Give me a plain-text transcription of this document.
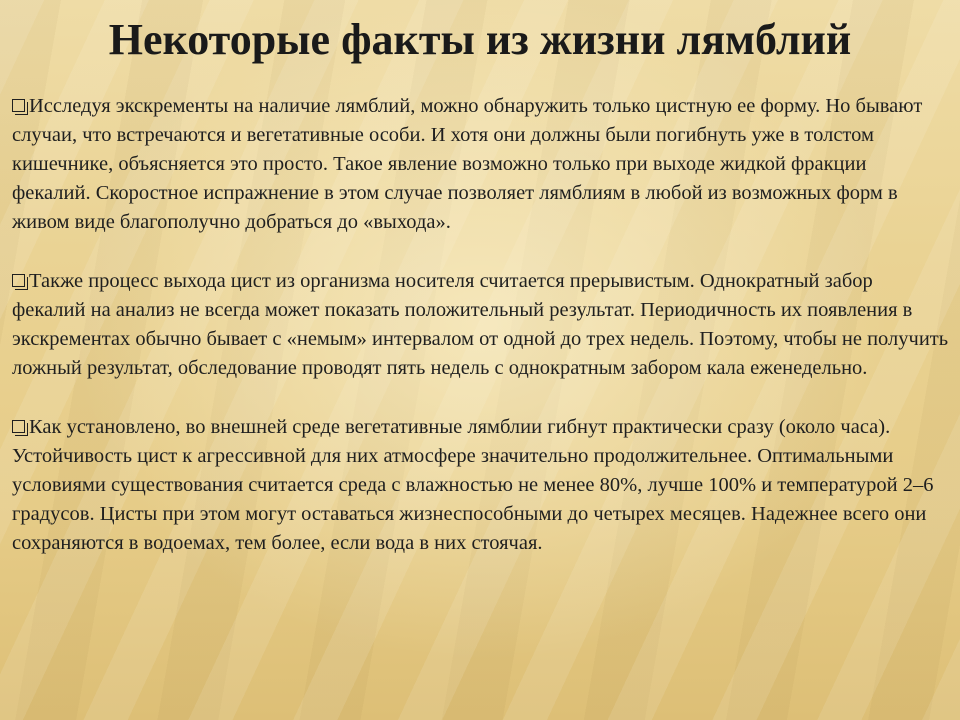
Некоторые факты из жизни лямблий

Исследуя экскременты на наличие лямблий, можно обнаружить только цистную ее форму. Но бывают случаи, что встречаются и вегетативные особи. И хотя они должны были погибнуть уже в толстом кишечнике, объясняется это просто. Такое явление возможно только при выходе жидкой фракции фекалий. Скоростное испражнение в этом случае позволяет лямблиям в любой из возможных форм в живом виде благополучно добраться до «выхода».

Также процесс выхода цист из организма носителя считается прерывистым. Однократный забор фекалий на анализ не всегда может показать положительный результат. Периодичность их появления в экскрементах обычно бывает с «немым» интервалом от одной до трех недель. Поэтому, чтобы не получить ложный результат, обследование проводят пять недель с однократным забором кала еженедельно.

Как установлено, во внешней среде вегетативные лямблии гибнут практически сразу (около часа). Устойчивость цист к агрессивной для них атмосфере значительно продолжительнее. Оптимальными условиями существования считается среда с влажностью не менее 80%, лучше 100% и температурой 2–6 градусов. Цисты при этом могут оставаться жизнеспособными до четырех месяцев. Надежнее всего они сохраняются в водоемах, тем более, если вода в них стоячая.
